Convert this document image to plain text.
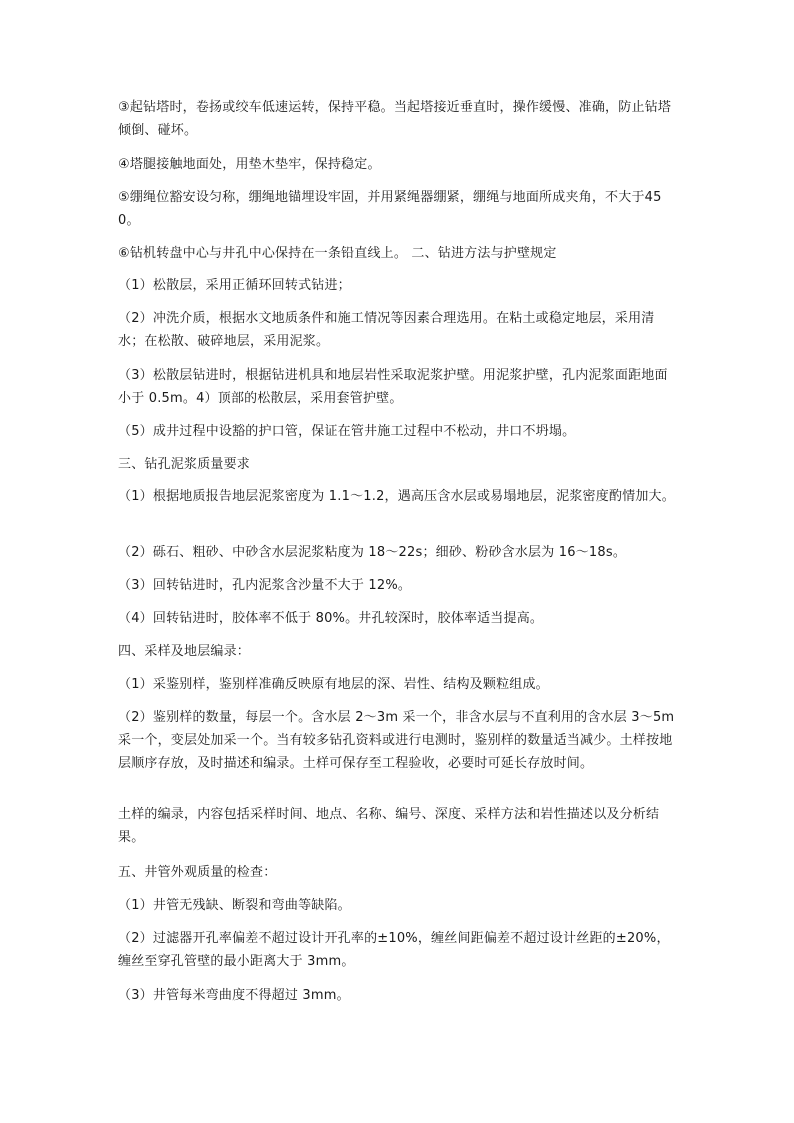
③起钻塔时，卷扬或绞车低速运转，保持平稳。当起塔接近垂直时，操作缓慢、准确，防止钻塔倾倒、碰坏。

④塔腿接触地面处，用垫木垫牢，保持稳定。

⑤绷绳位豁安设匀称，绷绳地锚埋设牢固，并用紧绳器绷紧，绷绳与地面所成夹角，不大于450。

⑥钻机转盘中心与井孔中心保持在一条铅直线上。 二、钻进方法与护壁规定

（1）松散层，采用正循环回转式钻进；

（2）冲洗介质，根据水文地质条件和施工情况等因素合理选用。在粘土或稳定地层，采用清水；在松散、破碎地层，采用泥浆。

（3）松散层钻进时，根据钻进机具和地层岩性采取泥浆护壁。用泥浆护壁，孔内泥浆面距地面小于 0.5m。4）顶部的松散层，采用套管护壁。

（5）成井过程中设豁的护口管，保证在管井施工过程中不松动，井口不坍塌。

三、钻孔泥浆质量要求

（1）根据地质报告地层泥浆密度为 1.1～1.2，遇高压含水层或易塌地层，泥浆密度酌情加大。

（2）砾石、粗砂、中砂含水层泥浆粘度为 18～22s；细砂、粉砂含水层为 16～18s。

（3）回转钻进时，孔内泥浆含沙量不大于 12%。

（4）回转钻进时，胶体率不低于 80%。井孔较深时，胶体率适当提高。

四、采样及地层编录：

（1）采鉴别样，鉴别样准确反映原有地层的深、岩性、结构及颗粒组成。

（2）鉴别样的数量，每层一个。含水层 2～3m 采一个，非含水层与不直利用的含水层 3～5m 采一个，变层处加采一个。当有较多钻孔资料或进行电测时，鉴别样的数量适当减少。土样按地层顺序存放，及时描述和编录。土样可保存至工程验收，必要时可延长存放时间。

土样的编录，内容包括采样时间、地点、名称、编号、深度、采样方法和岩性描述以及分析结果。

五、井管外观质量的检查：

（1）井管无残缺、断裂和弯曲等缺陷。

（2）过滤器开孔率偏差不超过设计开孔率的±10%，缠丝间距偏差不超过设计丝距的±20%，缠丝至穿孔管壁的最小距离大于 3mm。

（3）井管每米弯曲度不得超过 3mm。
